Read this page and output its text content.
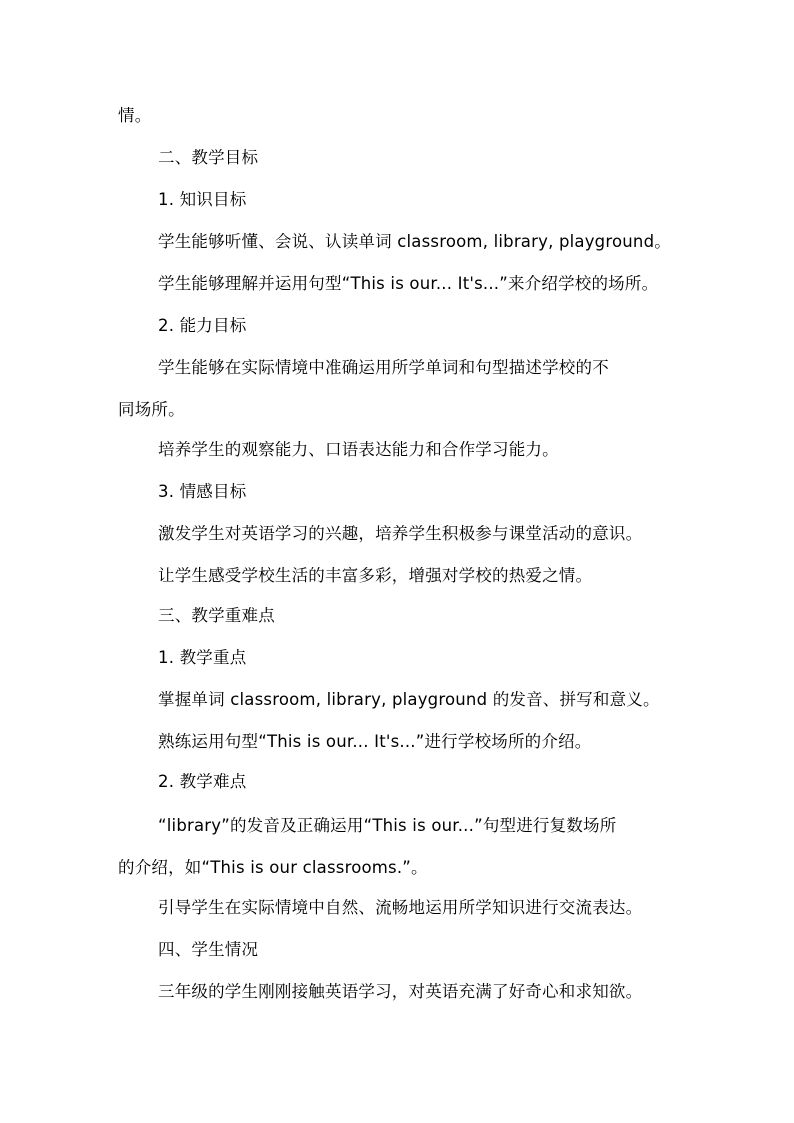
情。
二、教学目标
1. 知识目标
学生能够听懂、会说、认读单词 classroom, library, playground。
学生能够理解并运用句型“This is our... It's...”来介绍学校的场所。
2. 能力目标
学生能够在实际情境中准确运用所学单词和句型描述学校的不
同场所。
培养学生的观察能力、口语表达能力和合作学习能力。
3. 情感目标
激发学生对英语学习的兴趣，培养学生积极参与课堂活动的意识。
让学生感受学校生活的丰富多彩，增强对学校的热爱之情。
三、教学重难点
1. 教学重点
掌握单词 classroom, library, playground 的发音、拼写和意义。
熟练运用句型“This is our... It's...”进行学校场所的介绍。
2. 教学难点
“library”的发音及正确运用“This is our...”句型进行复数场所
的介绍，如“This is our classrooms.”。
引导学生在实际情境中自然、流畅地运用所学知识进行交流表达。
四、学生情况
三年级的学生刚刚接触英语学习，对英语充满了好奇心和求知欲。
